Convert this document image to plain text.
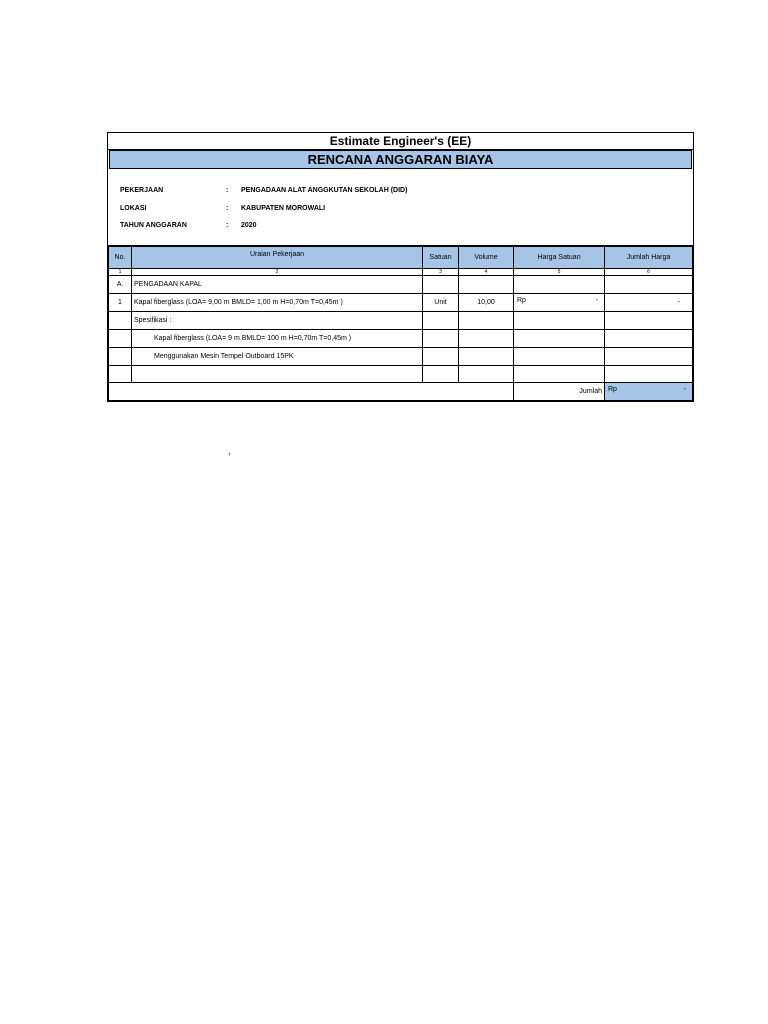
Estimate Engineer's (EE)
RENCANA ANGGARAN BIAYA
PEKERJAAN	:	PENGADAAN ALAT ANGGKUTAN SEKOLAH (DID)
LOKASI	:	KABUPATEN MOROWALI
TAHUN ANGGARAN	:	2020
No.	Uraian Pekerjaan	Satuan	Volume	Harga Satuan	Jumlah Harga
1	2	3	4	5	6
A.	PENGADAAN KAPAL				
1	Kapal fiberglass (LOA= 9,00 m BMLD= 1,00 m H=0,70m T=0,45m )	Unit	10,00	Rp -	-
	Spesifikasi :				
	Kapal fiberglass (LOA= 9 m BMLD= 100 m H=0,70m T=0,45m )				
	Menggunakan Mesin Tempel Outboard 15PK				

				Jumlah	Rp -
,
